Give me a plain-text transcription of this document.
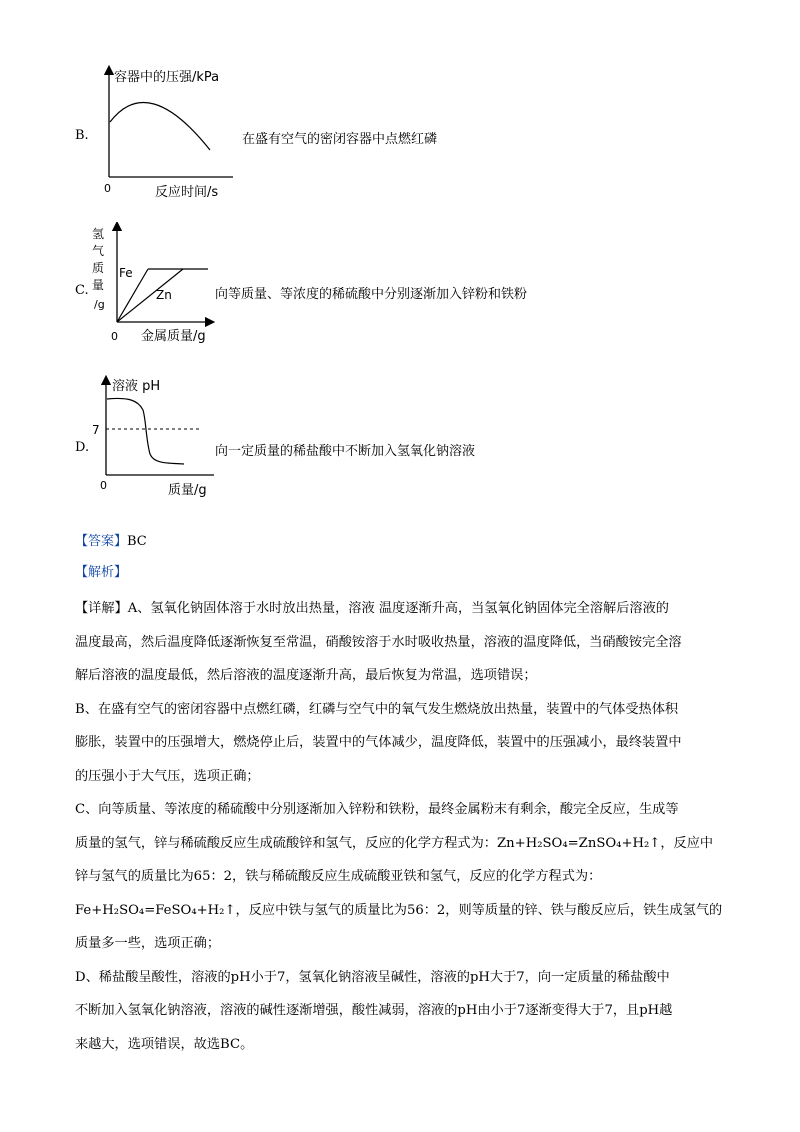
B.
容器中的压强/kPa
0	反应时间/s
在盛有空气的密闭容器中点燃红磷
C.
氢
气
质
量
/g
Fe
Zn
0 金属质量/g
向等质量、等浓度的稀硫酸中分别逐渐加入锌粉和铁粉
D.
溶液 pH
7
0	质量/g
向一定质量的稀盐酸中不断加入氢氧化钠溶液
【答案】BC
【解析】

【详解】A、氢氧化钠固体溶于水时放出热量，溶液 温度逐渐升高，当氢氧化钠固体完全溶解后溶液的

温度最高，然后温度降低逐渐恢复至常温，硝酸铵溶于水时吸收热量，溶液的温度降低，当硝酸铵完全溶

解后溶液的温度最低，然后溶液的温度逐渐升高，最后恢复为常温，选项错误；

B、在盛有空气的密闭容器中点燃红磷，红磷与空气中的氧气发生燃烧放出热量，装置中的气体受热体积

膨胀，装置中的压强增大，燃烧停止后，装置中的气体减少，温度降低，装置中的压强减小，最终装置中

的压强小于大气压，选项正确；

C、向等质量、等浓度的稀硫酸中分别逐渐加入锌粉和铁粉，最终金属粉末有剩余，酸完全反应，生成等

质量的氢气，锌与稀硫酸反应生成硫酸锌和氢气，反应的化学方程式为：Zn+H₂SO₄=ZnSO₄+H₂↑，反应中

锌与氢气的质量比为65：2，铁与稀硫酸反应生成硫酸亚铁和氢气，反应的化学方程式为：

Fe+H₂SO₄=FeSO₄+H₂↑，反应中铁与氢气的质量比为56：2，则等质量的锌、铁与酸反应后，铁生成氢气的

质量多一些，选项正确；

D、稀盐酸呈酸性，溶液的pH小于7，氢氧化钠溶液呈碱性，溶液的pH大于7，向一定质量的稀盐酸中

不断加入氢氧化钠溶液，溶液的碱性逐渐增强，酸性减弱，溶液的pH由小于7逐渐变得大于7，且pH越

来越大，选项错误，故选BC。
